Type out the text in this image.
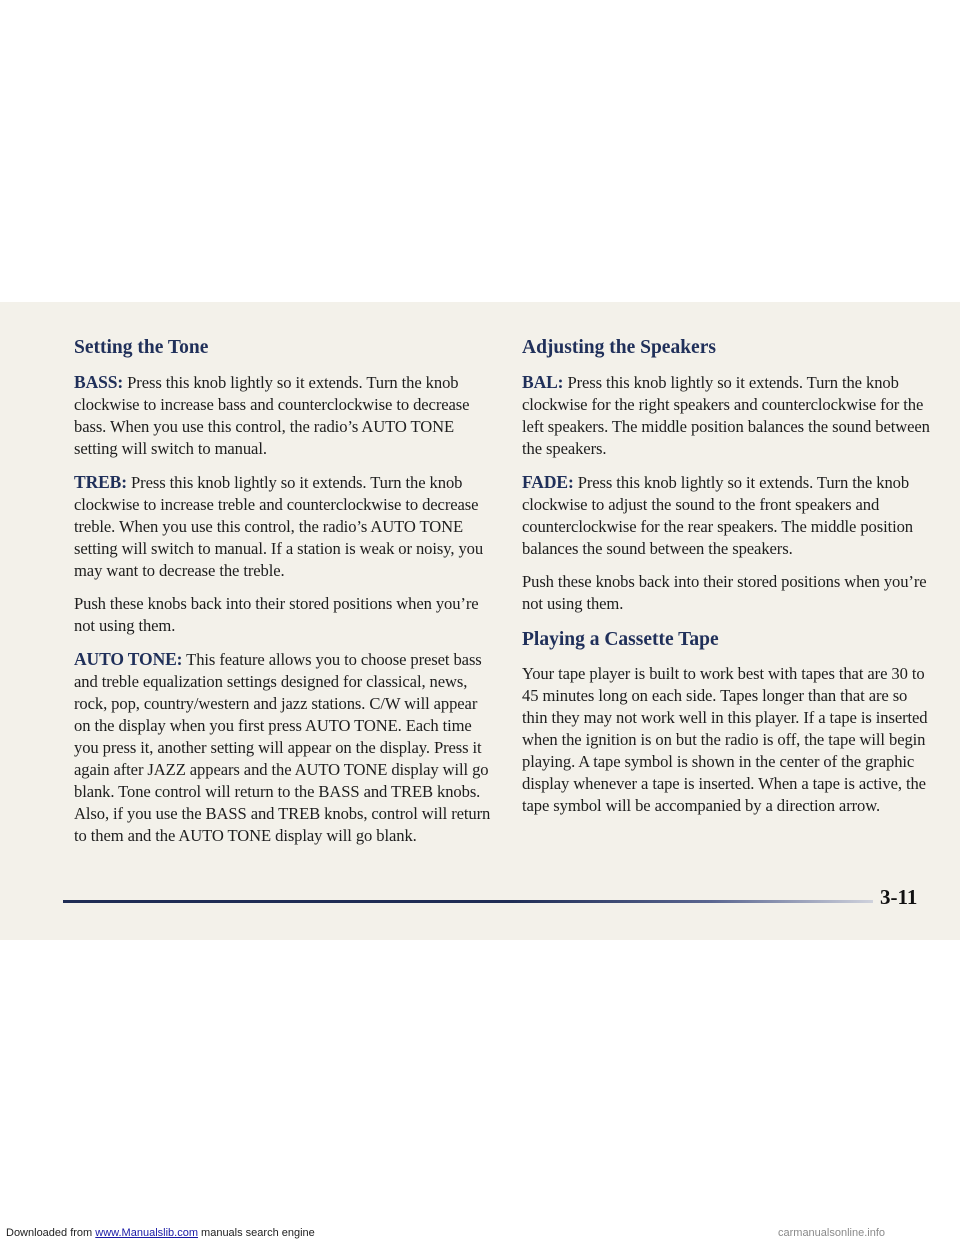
Setting the Tone

BASS: Press this knob lightly so it extends. Turn the knob clockwise to increase bass and counterclockwise to decrease bass. When you use this control, the radio’s AUTO TONE setting will switch to manual.

TREB: Press this knob lightly so it extends. Turn the knob clockwise to increase treble and counterclockwise to decrease treble. When you use this control, the radio’s AUTO TONE setting will switch to manual. If a station is weak or noisy, you may want to decrease the treble.

Push these knobs back into their stored positions when you’re not using them.

AUTO TONE: This feature allows you to choose preset bass and treble equalization settings designed for classical, news, rock, pop, country/western and jazz stations. C/W will appear on the display when you first press AUTO TONE. Each time you press it, another setting will appear on the display. Press it again after JAZZ appears and the AUTO TONE display will go blank. Tone control will return to the BASS and TREB knobs. Also, if you use the BASS and TREB knobs, control will return to them and the AUTO TONE display will go blank.

Adjusting the Speakers

BAL: Press this knob lightly so it extends. Turn the knob clockwise for the right speakers and counterclockwise for the left speakers. The middle position balances the sound between the speakers.

FADE: Press this knob lightly so it extends. Turn the knob clockwise to adjust the sound to the front speakers and counterclockwise for the rear speakers. The middle position balances the sound between the speakers.

Push these knobs back into their stored positions when you’re not using them.

Playing a Cassette Tape

Your tape player is built to work best with tapes that are 30 to 45 minutes long on each side. Tapes longer than that are so thin they may not work well in this player. If a tape is inserted when the ignition is on but the radio is off, the tape will begin playing. A tape symbol is shown in the center of the graphic display whenever a tape is inserted. When a tape is active, the tape symbol will be accompanied by a direction arrow.

3-11
Downloaded from www.Manualslib.com manuals search engine	carmanualsonline.info
